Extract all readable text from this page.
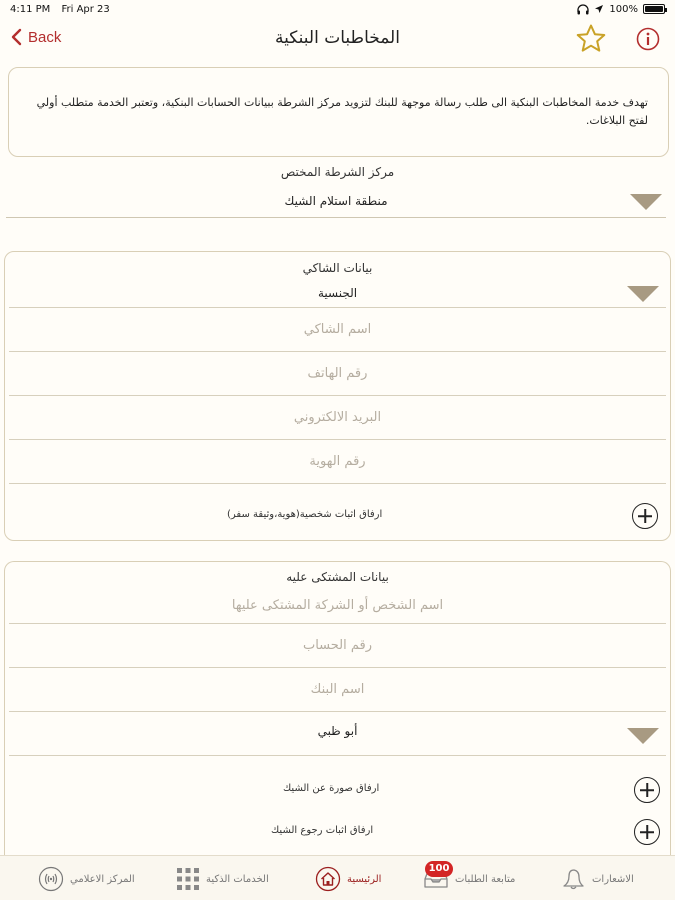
4:11 PM Fri Apr 23	100%
Back	المخاطبات البنكية

تهدف خدمة المخاطبات البنكية الى طلب رسالة موجهة للبنك لتزويد مركز الشرطة ببيانات الحسابات البنكية، وتعتبر الخدمة متطلب أولي لفتح البلاغات.

مركز الشرطة المختص
منطقة استلام الشيك
بيانات الشاكي
الجنسية
اسم الشاكي
رقم الهاتف
البريد الالكتروني
رقم الهوية
ارفاق اثبات شخصية(هوية،وثيقة سفر)
بيانات المشتكى عليه
اسم الشخص أو الشركة المشتكى عليها
رقم الحساب
اسم البنك
أبو ظبي
ارفاق صورة عن الشيك
ارفاق اثبات رجوع الشيك
المركز الاعلامي	الخدمات الذكية	الرئيسية	متابعة الطلبات	الاشعارات
100
